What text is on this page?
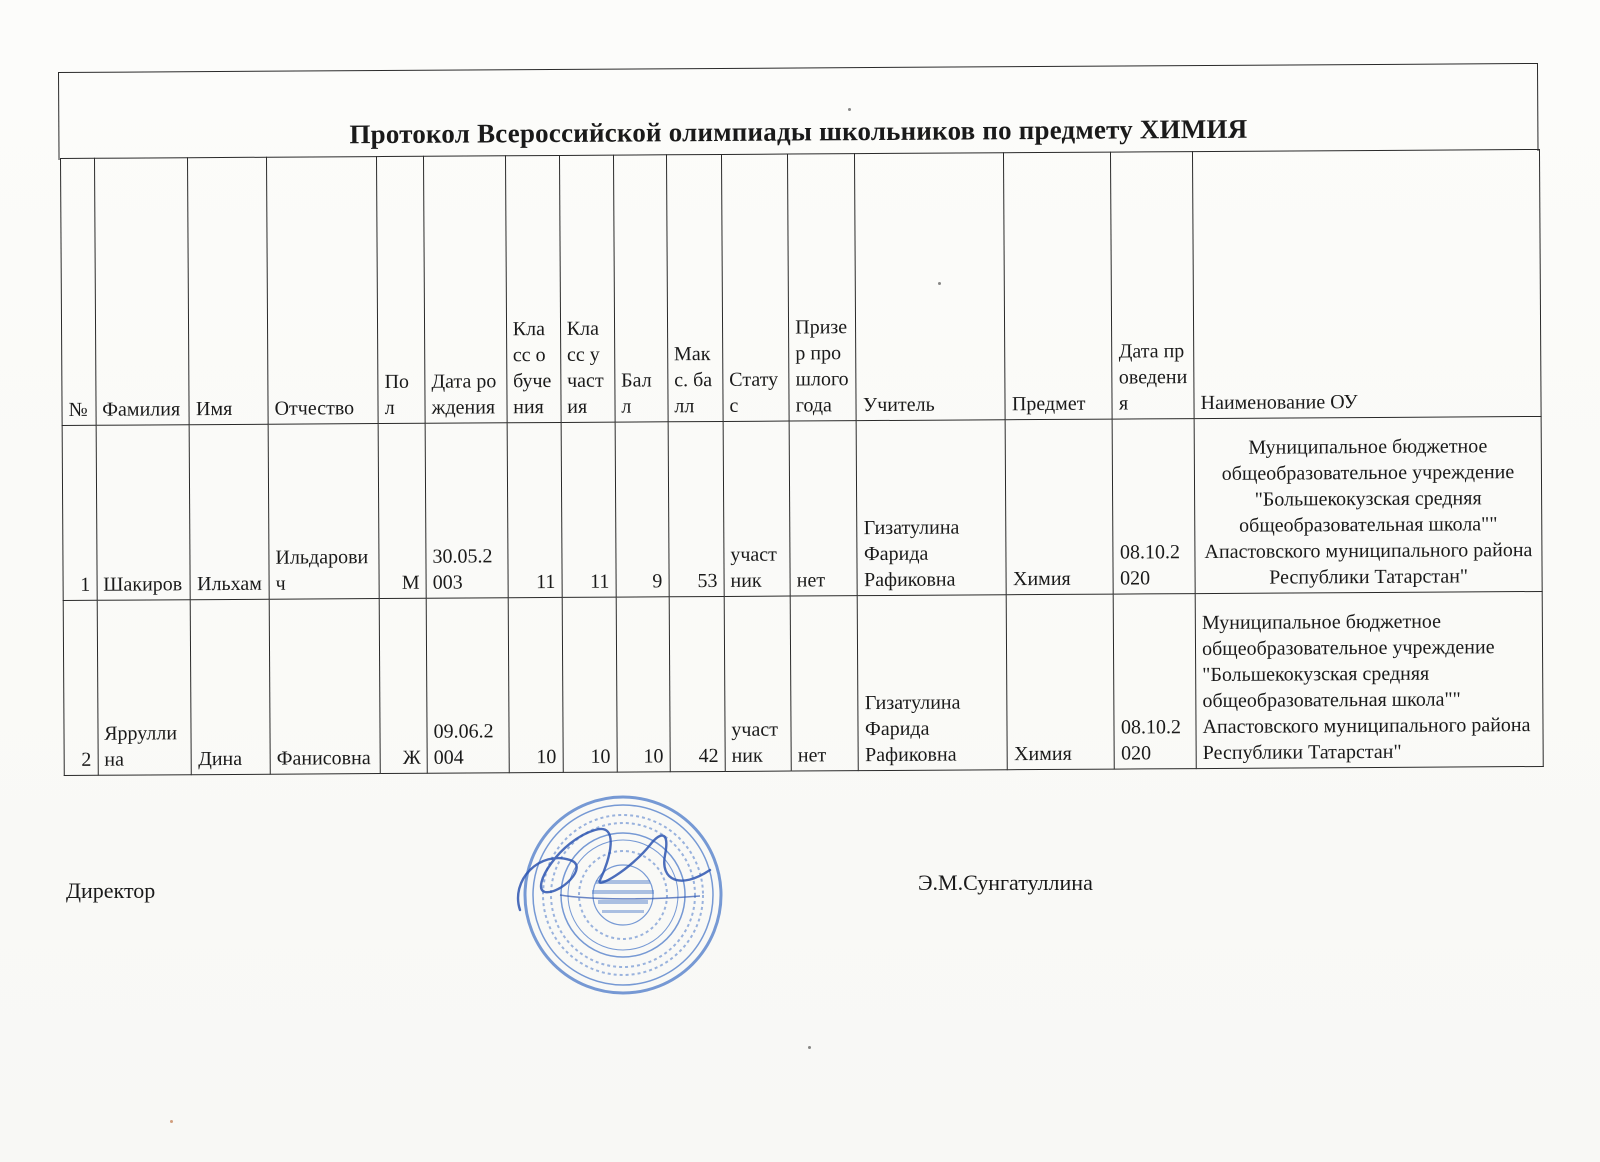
Протокол Всероссийской олимпиады школьников по предмету ХИМИЯ
№	Фамилия	Имя	Отчество	Пол	Дата рождения	Класс обучения	Класс участия	Балл	Макс. балл	Статус	Призер прошлого года	Учитель	Предмет	Дата проведения	Наименование ОУ
1	Шакиров	Ильхам	Ильдарович	М	30.05.2003	11	11	9	53	участник	нет	Гизатулина Фарида Рафиковна	Химия	08.10.2020	Муниципальное бюджетное общеобразовательное учреждение "Большекокузская средняя общеобразовательная школа"" Апастовского муниципального района Республики Татарстан"
2	Ярруллина	Дина	Фанисовна	Ж	09.06.2004	10	10	10	42	участник	нет	Гизатулина Фарида Рафиковна	Химия	08.10.2020	Муниципальное бюджетное общеобразовательное учреждение "Большекокузская средняя общеобразовательная школа"" Апастовского муниципального района Республики Татарстан"
Директор	Э.М.Сунгатуллина
